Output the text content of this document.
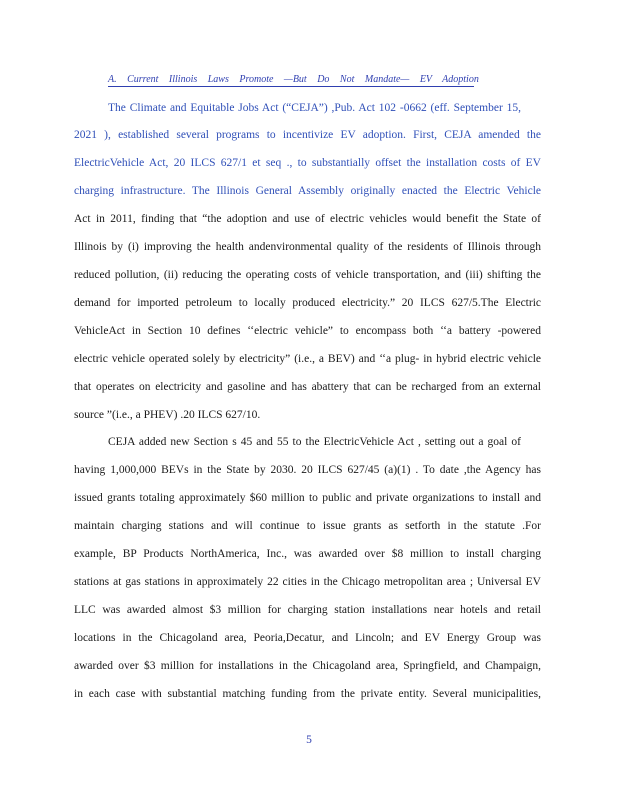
A. Current Illinois Laws Promote —But Do Not Mandate— EV Adoption
The Climate and Equitable Jobs Act (“CEJA”) ,Pub. Act 102 -0662 (eff. September 15,
2021 ), established several programs to incentivize EV adoption. First, CEJA amended the
ElectricVehicle Act, 20 ILCS 627/1 et seq ., to substantially offset the installation costs of EV
charging infrastructure. The Illinois General Assembly originally enacted the Electric Vehicle
Act in 2011, finding that “the adoption and use of electric vehicles would benefit the State of
Illinois by (i) improving the health andenvironmental quality of the residents of Illinois through
reduced pollution, (ii) reducing the operating costs of vehicle transportation, and (iii) shifting the
demand for imported petroleum to locally produced electricity.” 20 ILCS 627/5.The Electric
VehicleAct in Section 10 defines ‘‘electric vehicle” to encompass both ‘‘a battery -powered
electric vehicle operated solely by electricity” (i.e., a BEV) and ‘‘a plug- in hybrid electric vehicle
that operates on electricity and gasoline and has abattery that can be recharged from an external
source ”(i.e., a PHEV) .20 ILCS 627/10.
CEJA added new Section s 45 and 55 to the ElectricVehicle Act , setting out a goal of
having 1,000,000 BEVs in the State by 2030. 20 ILCS 627/45 (a)(1) . To date ,the Agency has
issued grants totaling approximately $60 million to public and private organizations to install and
maintain charging stations and will continue to issue grants as setforth in the statute .For
example, BP Products NorthAmerica, Inc., was awarded over $8 million to install charging
stations at gas stations in approximately 22 cities in the Chicago metropolitan area ; Universal EV
LLC was awarded almost $3 million for charging station installations near hotels and retail
locations in the Chicagoland area, Peoria,Decatur, and Lincoln; and EV Energy Group was
awarded over $3 million for installations in the Chicagoland area, Springfield, and Champaign,
in each case with substantial matching funding from the private entity. Several municipalities,
5
